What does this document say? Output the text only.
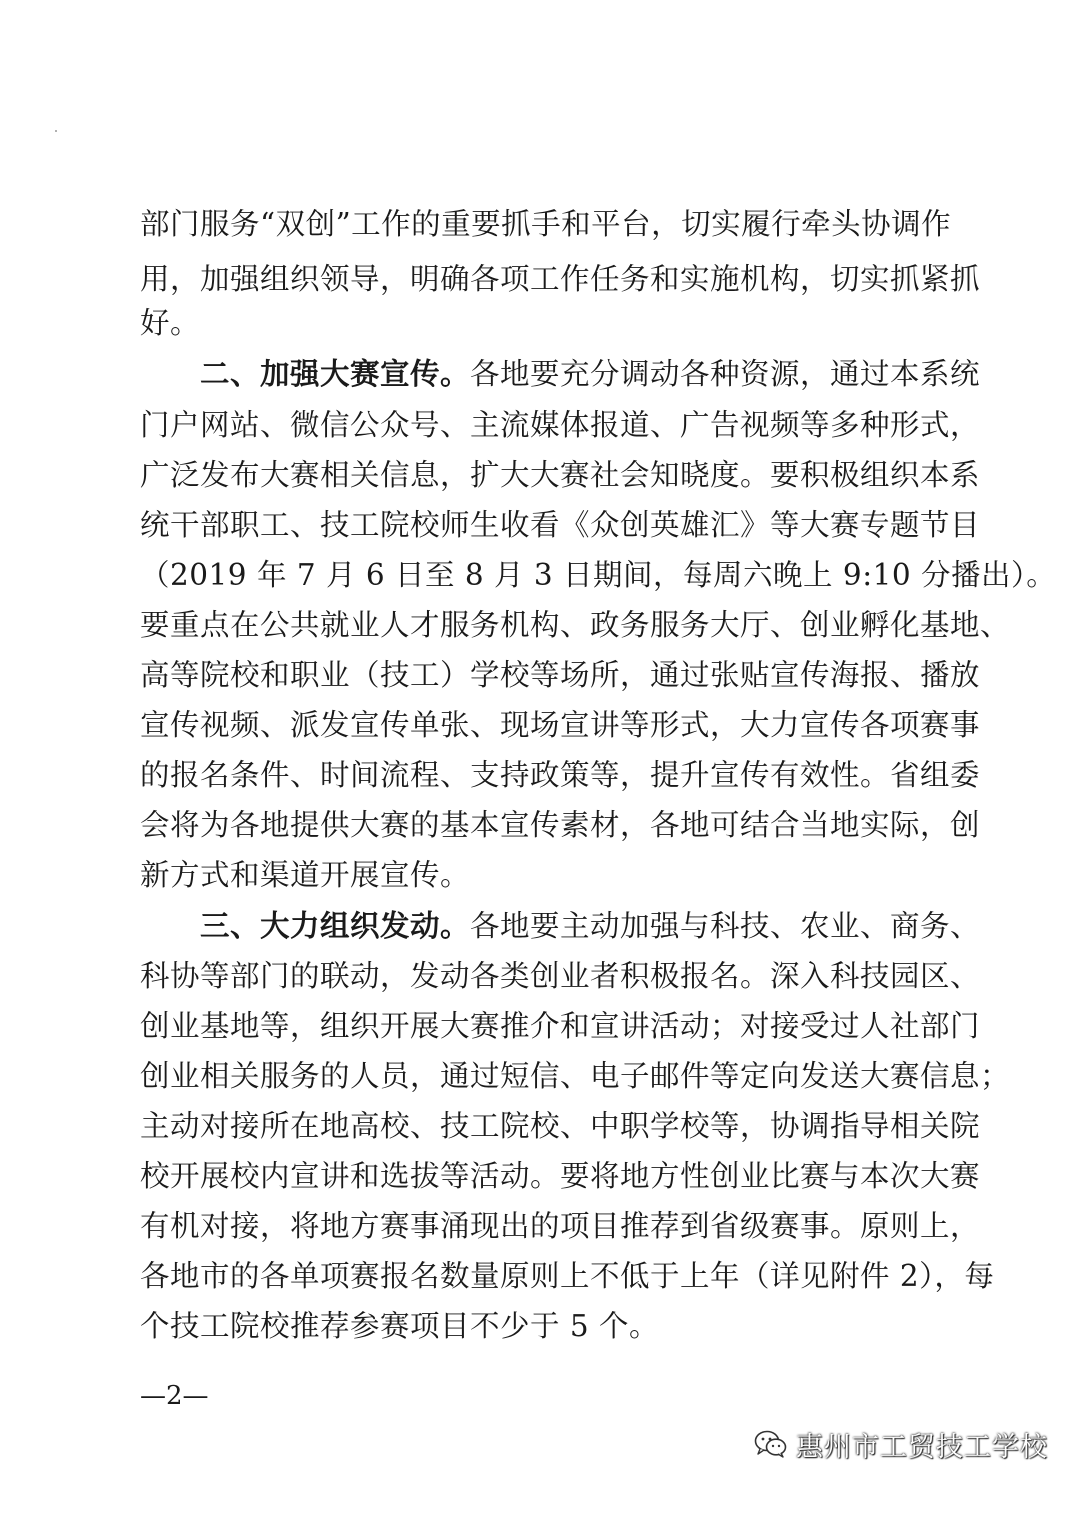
部门服务“双创”工作的重要抓手和平台，切实履行牵头协调作
用，加强组织领导，明确各项工作任务和实施机构，切实抓紧抓
好。
二、加强大赛宣传。各地要充分调动各种资源，通过本系统
门户网站、微信公众号、主流媒体报道、广告视频等多种形式，
广泛发布大赛相关信息，扩大大赛社会知晓度。要积极组织本系
统干部职工、技工院校师生收看《众创英雄汇》等大赛专题节目
（2019 年 7 月 6 日至 8 月 3 日期间，每周六晚上 9:10 分播出）。
要重点在公共就业人才服务机构、政务服务大厅、创业孵化基地、
高等院校和职业（技工）学校等场所，通过张贴宣传海报、播放
宣传视频、派发宣传单张、现场宣讲等形式，大力宣传各项赛事
的报名条件、时间流程、支持政策等，提升宣传有效性。省组委
会将为各地提供大赛的基本宣传素材，各地可结合当地实际，创
新方式和渠道开展宣传。
三、大力组织发动。各地要主动加强与科技、农业、商务、
科协等部门的联动，发动各类创业者积极报名。深入科技园区、
创业基地等，组织开展大赛推介和宣讲活动；对接受过人社部门
创业相关服务的人员，通过短信、电子邮件等定向发送大赛信息；
主动对接所在地高校、技工院校、中职学校等，协调指导相关院
校开展校内宣讲和选拔等活动。要将地方性创业比赛与本次大赛
有机对接，将地方赛事涌现出的项目推荐到省级赛事。原则上，
各地市的各单项赛报名数量原则上不低于上年（详见附件 2），每
个技工院校推荐参赛项目不少于 5 个。
—2—
惠州市工贸技工学校
